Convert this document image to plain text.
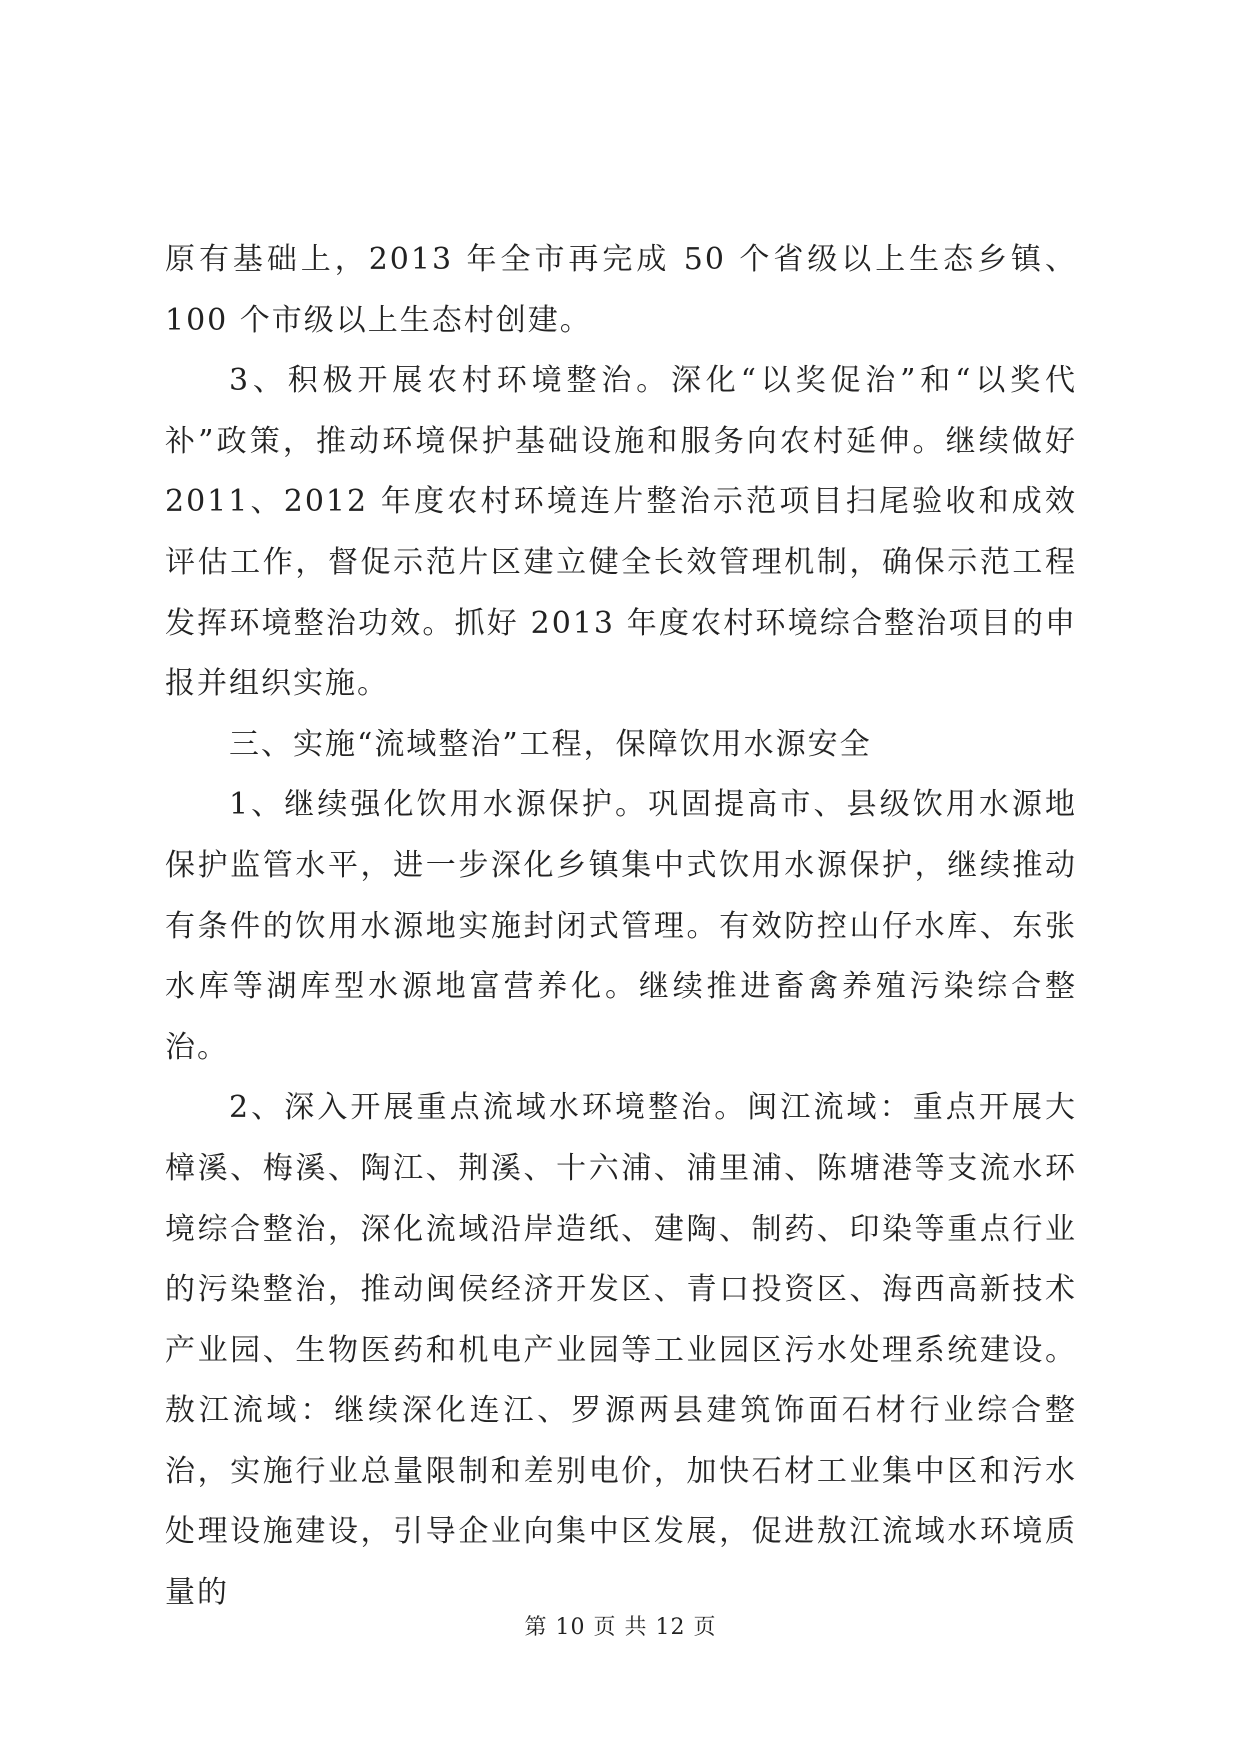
原有基础上，2013 年全市再完成 50 个省级以上生态乡镇、100 个市级以上生态村创建。

3、积极开展农村环境整治。深化“以奖促治”和“以奖代补”政策，推动环境保护基础设施和服务向农村延伸。继续做好 2011、2012 年度农村环境连片整治示范项目扫尾验收和成效评估工作，督促示范片区建立健全长效管理机制，确保示范工程发挥环境整治功效。抓好 2013 年度农村环境综合整治项目的申报并组织实施。

三、实施“流域整治”工程，保障饮用水源安全

1、继续强化饮用水源保护。巩固提高市、县级饮用水源地保护监管水平，进一步深化乡镇集中式饮用水源保护，继续推动有条件的饮用水源地实施封闭式管理。有效防控山仔水库、东张水库等湖库型水源地富营养化。继续推进畜禽养殖污染综合整治。

2、深入开展重点流域水环境整治。闽江流域：重点开展大樟溪、梅溪、陶江、荆溪、十六浦、浦里浦、陈塘港等支流水环境综合整治，深化流域沿岸造纸、建陶、制药、印染等重点行业的污染整治，推动闽侯经济开发区、青口投资区、海西高新技术产业园、生物医药和机电产业园等工业园区污水处理系统建设。敖江流域：继续深化连江、罗源两县建筑饰面石材行业综合整治，实施行业总量限制和差别电价，加快石材工业集中区和污水处理设施建设，引导企业向集中区发展，促进敖江流域水环境质量的

第 10 页 共 12 页
